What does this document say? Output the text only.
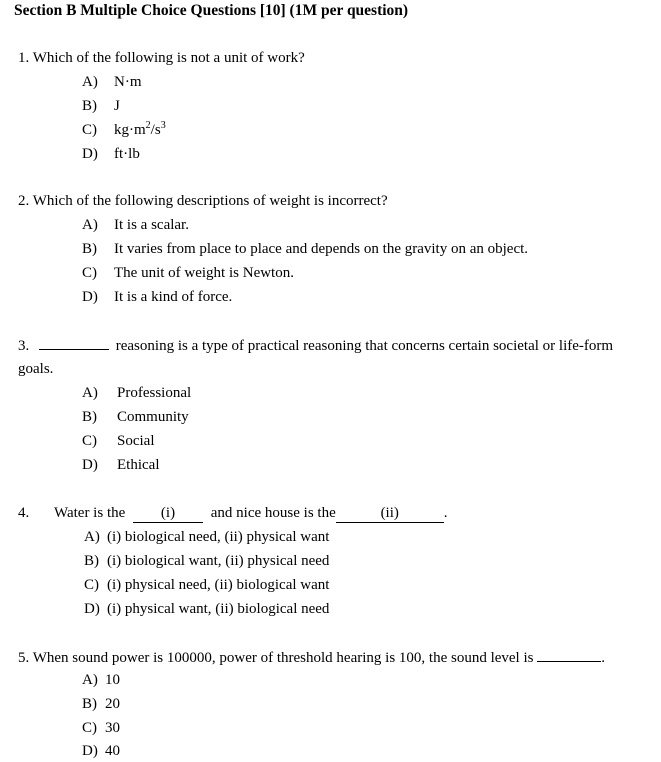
Section B Multiple Choice Questions [10] (1M per question)
1. Which of the following is not a unit of work?
A) N·m
B) J
C) $kg\cdot m^2/s^3$
D) ft·lb
2. Which of the following descriptions of weight is incorrect?
A) It is a scalar.
B) It varies from place to place and depends on the gravity on an object.
C) The unit of weight is Newton.
D) It is a kind of force.
3.	reasoning is a type of practical reasoning that concerns certain societal or life-form
goals.
A) Professional
B) Community
C) Social
D) Ethical
4. Water is the (i) and nice house is the	(ii)	.
A) (i) biological need, (ii) physical want
B) (i) biological want, (ii) physical need
C) (i) physical need, (ii) biological want
D) (i) physical want, (ii) biological need
5. When sound power is 100000, power of threshold hearing is 100, the sound level is	.
A) 10
B) 20
C) 30
D) 40
